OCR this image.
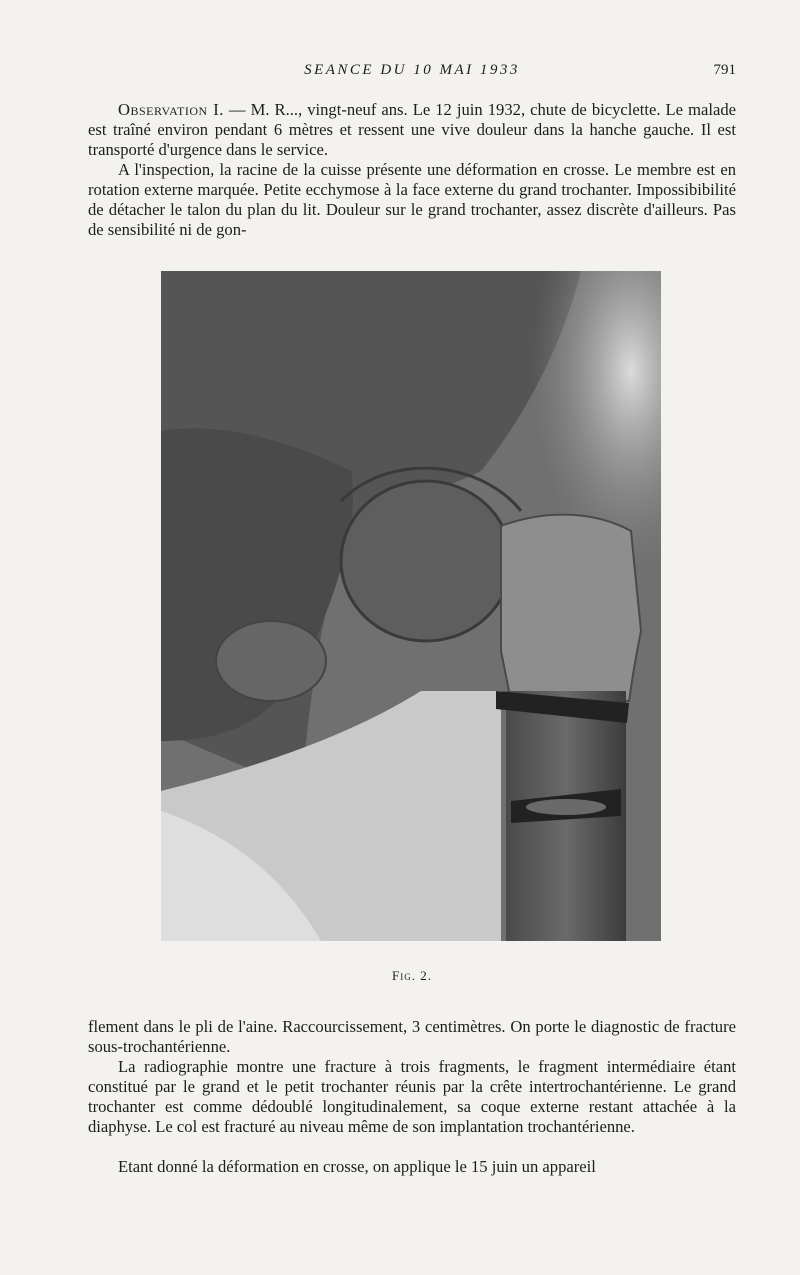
SEANCE DU 10 MAI 1933	791

Observation I. — M. R..., vingt-neuf ans. Le 12 juin 1932, chute de bicyclette. Le malade est traîné environ pendant 6 mètres et ressent une vive douleur dans la hanche gauche. Il est transporté d'urgence dans le service.

A l'inspection, la racine de la cuisse présente une déformation en crosse. Le membre est en rotation externe marquée. Petite ecchymose à la face externe du grand trochanter. Impossibibilité de détacher le talon du plan du lit. Douleur sur le grand trochanter, assez discrète d'ailleurs. Pas de sensibilité ni de gon-

Fig. 2.

flement dans le pli de l'aine. Raccourcissement, 3 centimètres. On porte le diagnostic de fracture sous-trochantérienne.

La radiographie montre une fracture à trois fragments, le fragment intermédiaire étant constitué par le grand et le petit trochanter réunis par la crête intertrochantérienne. Le grand trochanter est comme dédoublé longitudinalement, sa coque externe restant attachée à la diaphyse. Le col est fracturé au niveau même de son implantation trochantérienne.

Etant donné la déformation en crosse, on applique le 15 juin un appareil
